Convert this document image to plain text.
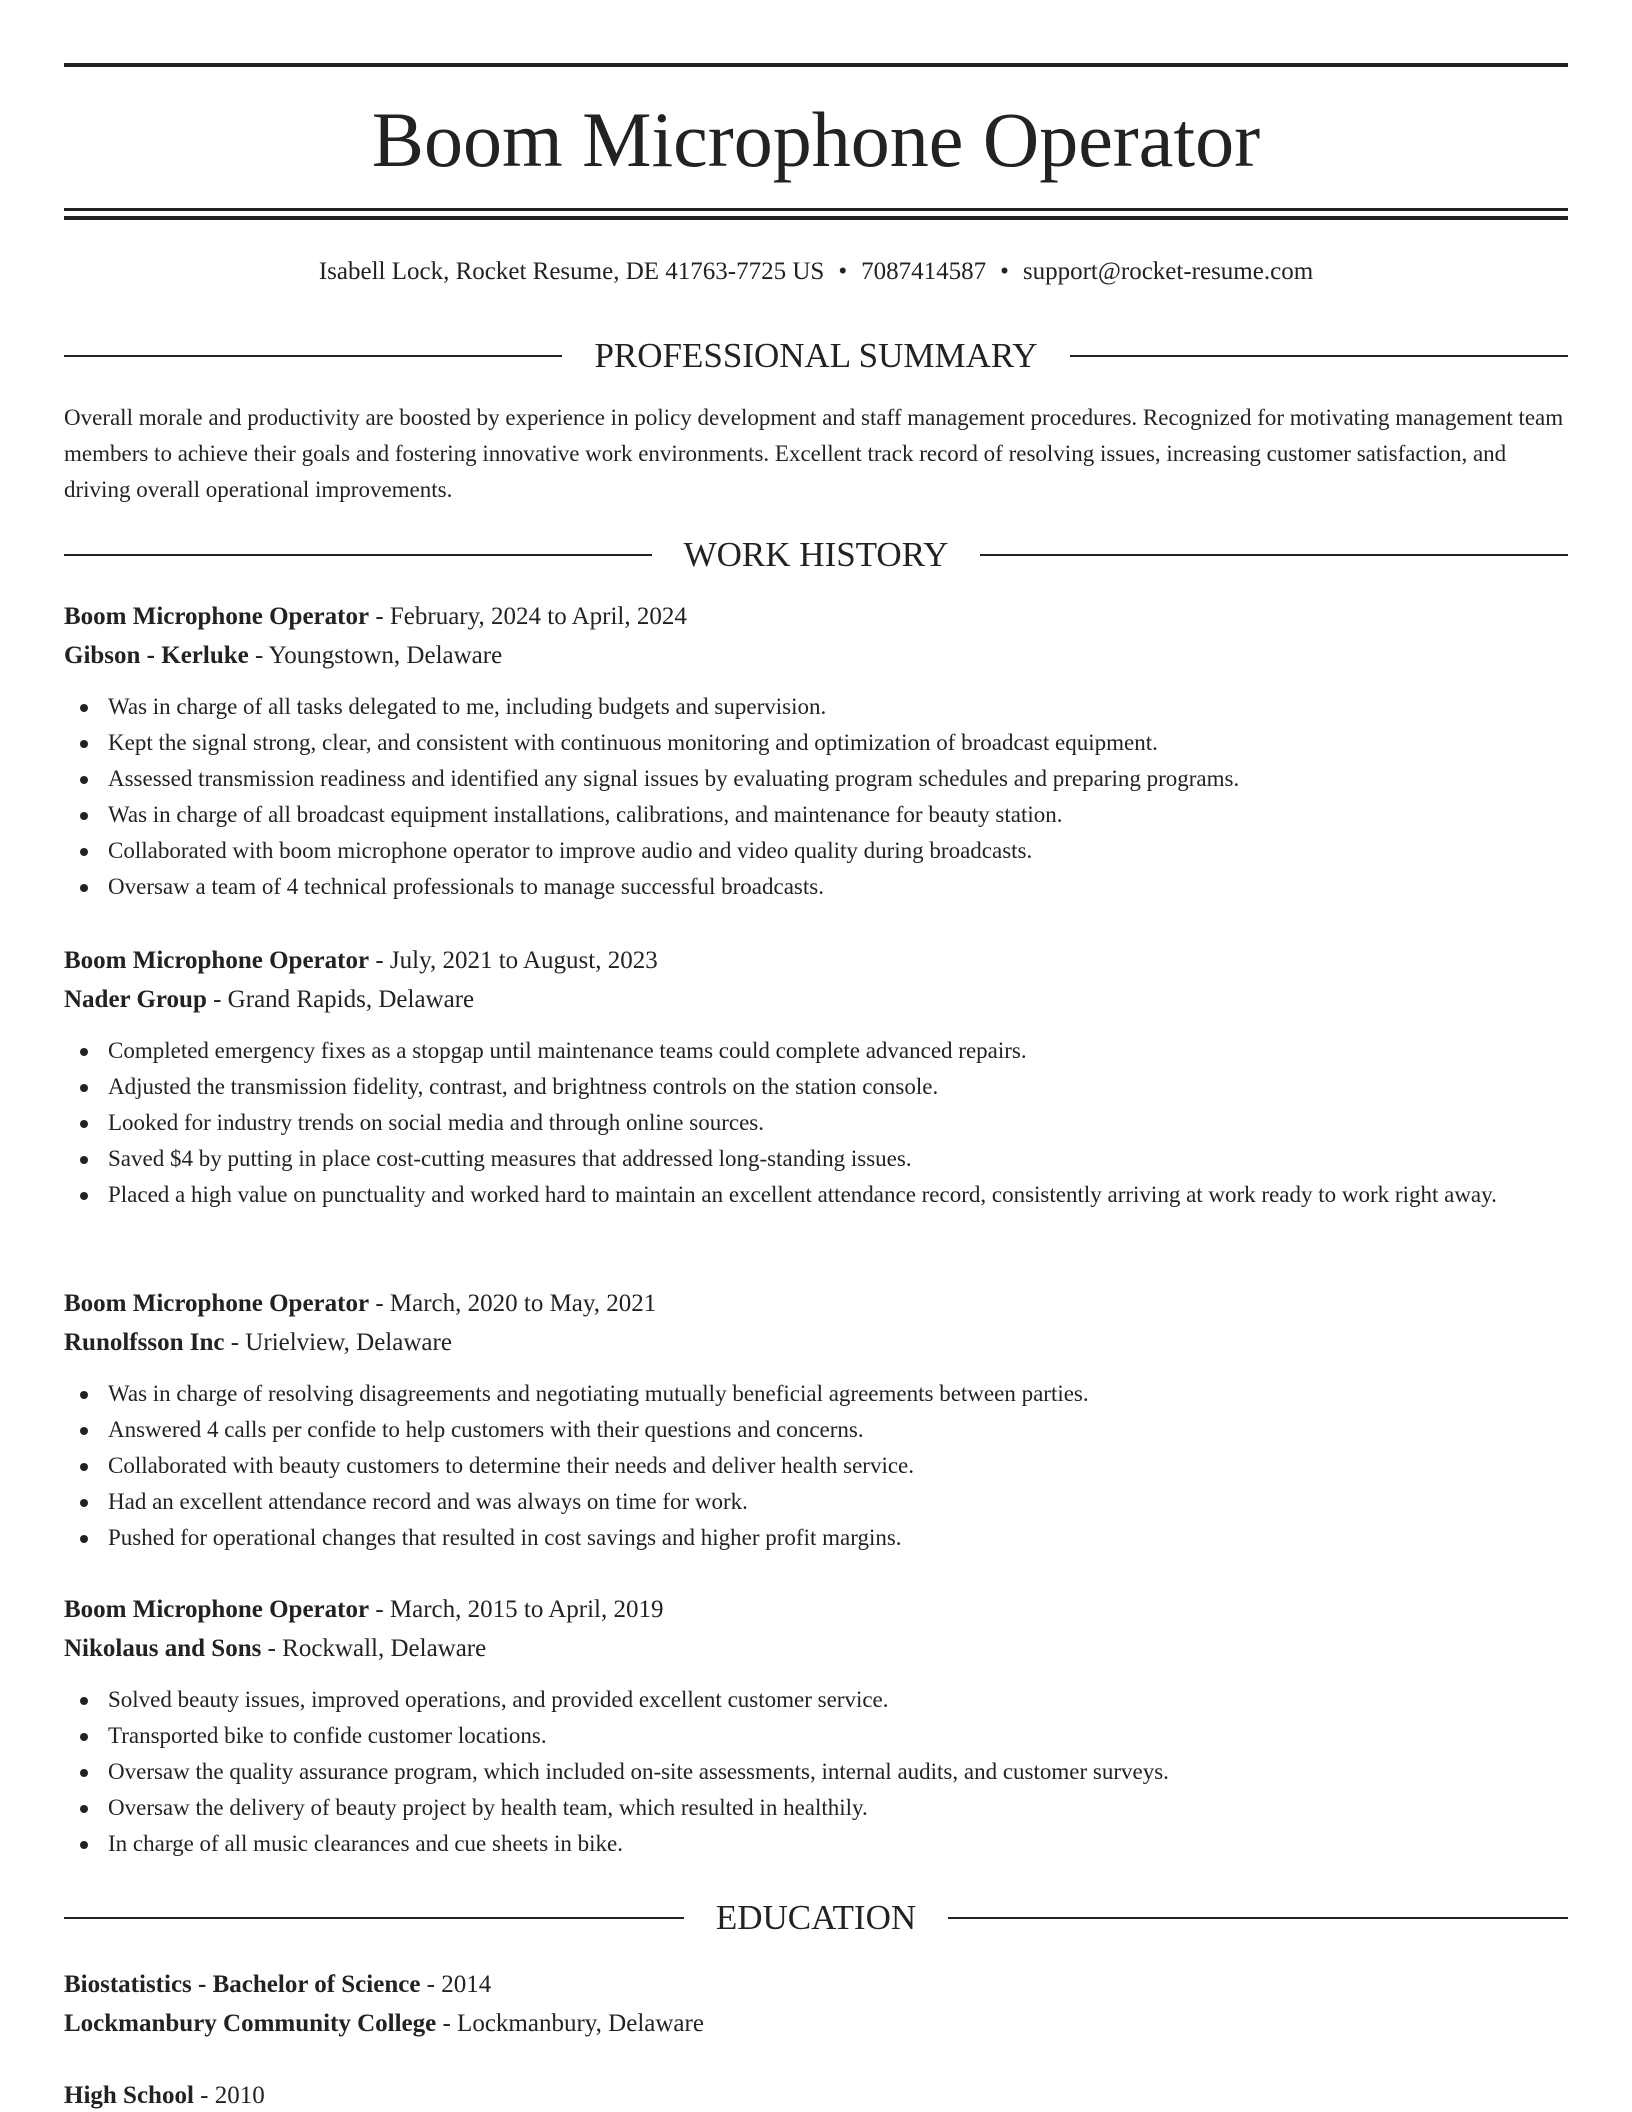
Boom Microphone Operator
Isabell Lock, Rocket Resume, DE 41763-7725 US • 7087414587 • support@rocket-resume.com
PROFESSIONAL SUMMARY

Overall morale and productivity are boosted by experience in policy development and staff management procedures. Recognized for motivating management team members to achieve their goals and fostering innovative work environments. Excellent track record of resolving issues, increasing customer satisfaction, and driving overall operational improvements.

WORK HISTORY
Boom Microphone Operator - February, 2024 to April, 2024
Gibson - Kerluke - Youngstown, Delaware
Was in charge of all tasks delegated to me, including budgets and supervision.
Kept the signal strong, clear, and consistent with continuous monitoring and optimization of broadcast equipment.
Assessed transmission readiness and identified any signal issues by evaluating program schedules and preparing programs.
Was in charge of all broadcast equipment installations, calibrations, and maintenance for beauty station.
Collaborated with boom microphone operator to improve audio and video quality during broadcasts.
Oversaw a team of 4 technical professionals to manage successful broadcasts.
Boom Microphone Operator - July, 2021 to August, 2023
Nader Group - Grand Rapids, Delaware
Completed emergency fixes as a stopgap until maintenance teams could complete advanced repairs.
Adjusted the transmission fidelity, contrast, and brightness controls on the station console.
Looked for industry trends on social media and through online sources.
Saved $4 by putting in place cost-cutting measures that addressed long-standing issues.
Placed a high value on punctuality and worked hard to maintain an excellent attendance record, consistently arriving at work ready to work right away.
Boom Microphone Operator - March, 2020 to May, 2021
Runolfsson Inc - Urielview, Delaware
Was in charge of resolving disagreements and negotiating mutually beneficial agreements between parties.
Answered 4 calls per confide to help customers with their questions and concerns.
Collaborated with beauty customers to determine their needs and deliver health service.
Had an excellent attendance record and was always on time for work.
Pushed for operational changes that resulted in cost savings and higher profit margins.
Boom Microphone Operator - March, 2015 to April, 2019
Nikolaus and Sons - Rockwall, Delaware
Solved beauty issues, improved operations, and provided excellent customer service.
Transported bike to confide customer locations.
Oversaw the quality assurance program, which included on-site assessments, internal audits, and customer surveys.
Oversaw the delivery of beauty project by health team, which resulted in healthily.
In charge of all music clearances and cue sheets in bike.
EDUCATION
Biostatistics - Bachelor of Science - 2014
Lockmanbury Community College - Lockmanbury, Delaware
High School - 2010
